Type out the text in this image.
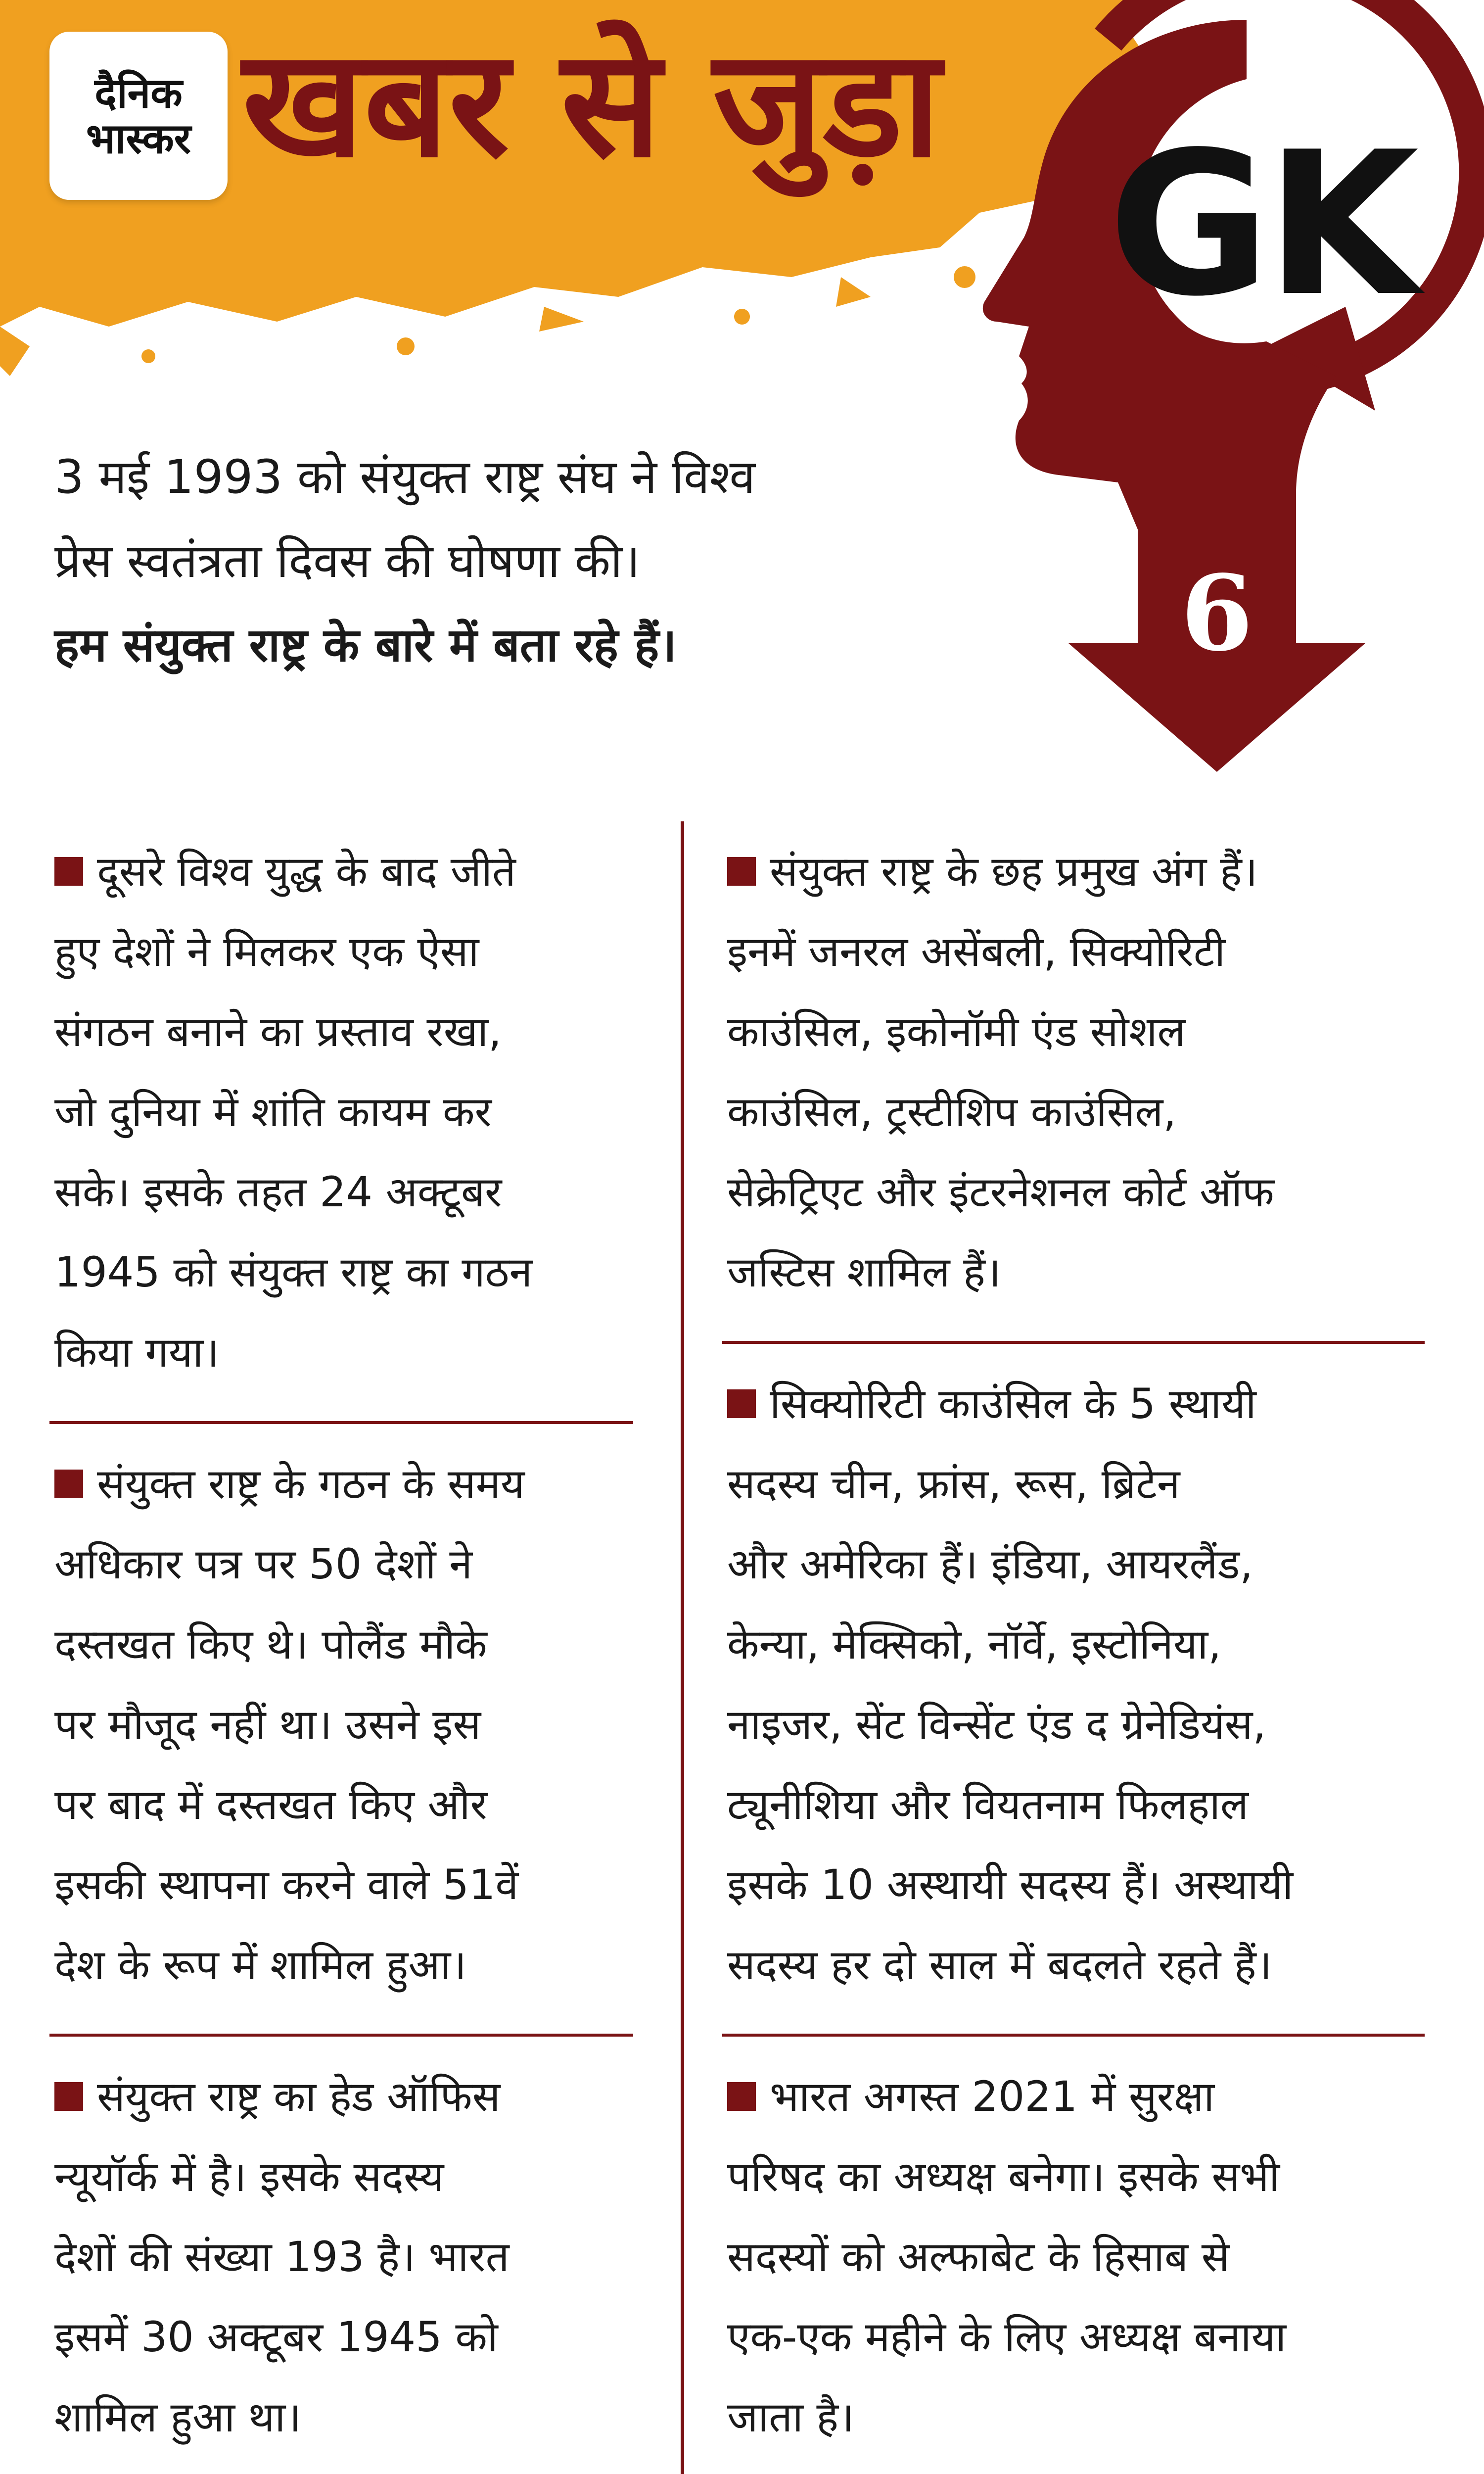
दैनिक
भास्कर खबर से जुड़ा
GK
6
3 मई 1993 को संयुक्त राष्ट्र संघ ने विश्व
प्रेस स्वतंत्रता दिवस की घोषणा की।
हम संयुक्त राष्ट्र के बारे में बता रहे हैं।

दूसरे विश्व युद्ध के बाद जीते

हुए देशों ने मिलकर एक ऐसा

संगठन बनाने का प्रस्ताव रखा,

जो दुनिया में शांति कायम कर

सके। इसके तहत 24 अक्टूबर

1945 को संयुक्त राष्ट्र का गठन

किया गया।

संयुक्त राष्ट्र के गठन के समय

अधिकार पत्र पर 50 देशों ने

दस्तखत किए थे। पोलैंड मौके

पर मौजूद नहीं था। उसने इस

पर बाद में दस्तखत किए और

इसकी स्थापना करने वाले 51वें

देश के रूप में शामिल हुआ।

संयुक्त राष्ट्र का हेड ऑफिस

न्यूयॉर्क में है। इसके सदस्य

देशों की संख्या 193 है। भारत

इसमें 30 अक्टूबर 1945 को

शामिल हुआ था।

संयुक्त राष्ट्र के छह प्रमुख अंग हैं।

इनमें जनरल असेंबली, सिक्योरिटी

काउंसिल, इकोनॉमी एंड सोशल

काउंसिल, ट्रस्टीशिप काउंसिल,

सेक्रेट्रिएट और इंटरनेशनल कोर्ट ऑफ

जस्टिस शामिल हैं।

सिक्योरिटी काउंसिल के 5 स्थायी

सदस्य चीन, फ्रांस, रूस, ब्रिटेन

और अमेरिका हैं। इंडिया, आयरलैंड,

केन्या, मेक्सिको, नॉर्वे, इस्टोनिया,

नाइजर, सेंट विन्सेंट एंड द ग्रेनेडियंस,

ट्यूनीशिया और वियतनाम फिलहाल

इसके 10 अस्थायी सदस्य हैं। अस्थायी

सदस्य हर दो साल में बदलते रहते हैं।

भारत अगस्त 2021 में सुरक्षा

परिषद का अध्यक्ष बनेगा। इसके सभी

सदस्यों को अल्फाबेट के हिसाब से

एक-एक महीने के लिए अध्यक्ष बनाया

जाता है।
